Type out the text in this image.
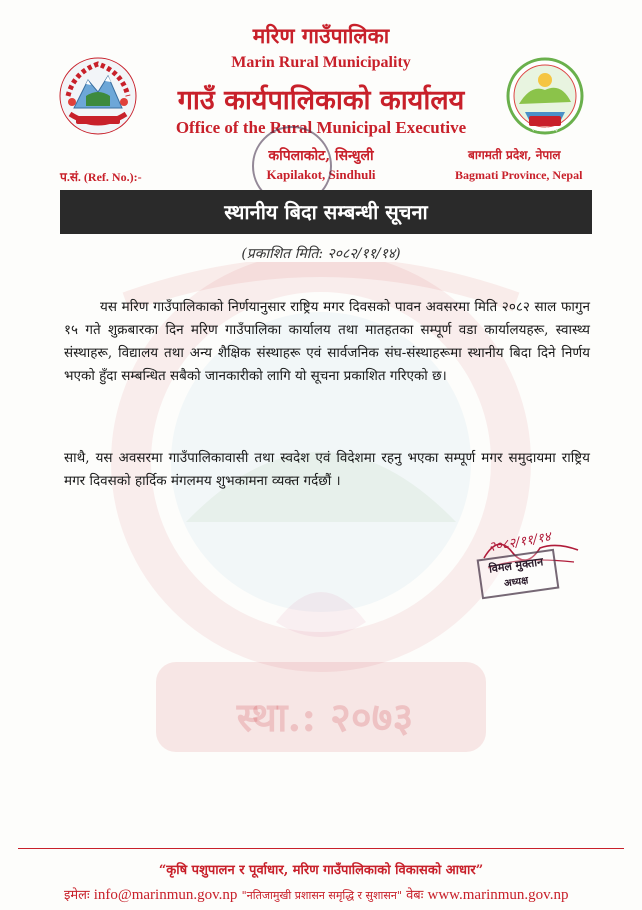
स्था.: २०७३
मरिण गाउँपालिका
Marin Rural Municipality
गाउँ कार्यपालिकाको कार्यालय
Office of the Rural Municipal Executive
कपिलाकोट, सिन्धुली
Kapilakot, Sindhuli
प.सं. (Ref. No.):-
बागमती प्रदेश, नेपाल
Bagmati Province, Nepal
स्था.: २०७३
स्थानीय बिदा सम्बन्धी सूचना
(प्रकाशित मिति: २०८२/११/१४)
यस मरिण गाउँपालिकाको निर्णयानुसार राष्ट्रिय मगर दिवसको पावन अवसरमा मिति २०८२ साल फागुन १५ गते शुक्रबारका दिन मरिण गाउँपालिका कार्यालय तथा मातहतका सम्पूर्ण वडा कार्यालयहरू, स्वास्थ्य संस्थाहरू, विद्यालय तथा अन्य शैक्षिक संस्थाहरू एवं सार्वजनिक संघ-संस्थाहरूमा स्थानीय बिदा दिने निर्णय भएको हुँदा सम्बन्धित सबैको जानकारीको लागि यो सूचना प्रकाशित गरिएको छ।
साथै, यस अवसरमा गाउँपालिकावासी तथा स्वदेश एवं विदेशमा रहनु भएका सम्पूर्ण मगर समुदायमा राष्ट्रिय मगर दिवसको हार्दिक मंगलमय शुभकामना व्यक्त गर्दछौं ।
२०८२/११/१४
विमल मुक्तान
अध्यक्ष
“कृषि पशुपालन र पूर्वाधार, मरिण गाउँपालिकाको विकासको आधार”
इमेलः info@marinmun.gov.np "नतिजामुखी प्रशासन समृद्धि र सुशासन" वेबः www.marinmun.gov.np
